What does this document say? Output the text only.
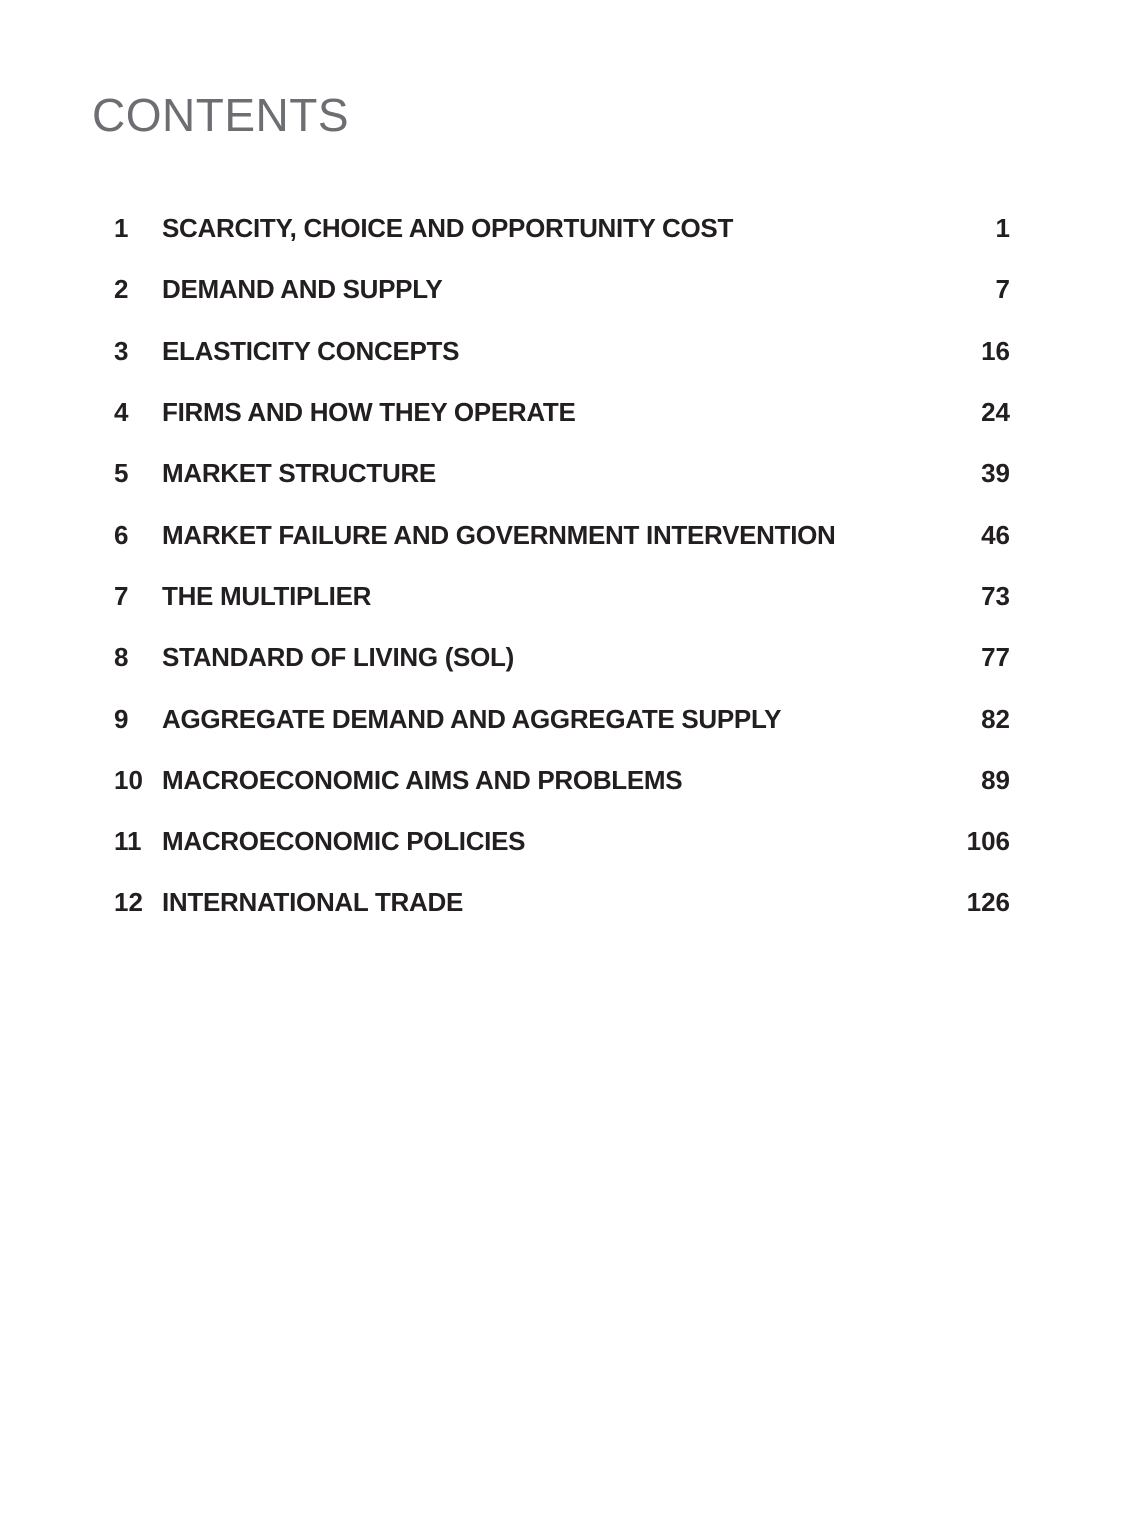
CONTENTS
1	SCARCITY, CHOICE AND OPPORTUNITY COST	1
2	DEMAND AND SUPPLY	7
3	ELASTICITY CONCEPTS	16
4	FIRMS AND HOW THEY OPERATE	24
5	MARKET STRUCTURE	39
6	MARKET FAILURE AND GOVERNMENT INTERVENTION	46
7	THE MULTIPLIER	73
8	STANDARD OF LIVING (SOL)	77
9	AGGREGATE DEMAND AND AGGREGATE SUPPLY	82
10 MACROECONOMIC AIMS AND PROBLEMS	89
11 MACROECONOMIC POLICIES	106
12 INTERNATIONAL TRADE	126
